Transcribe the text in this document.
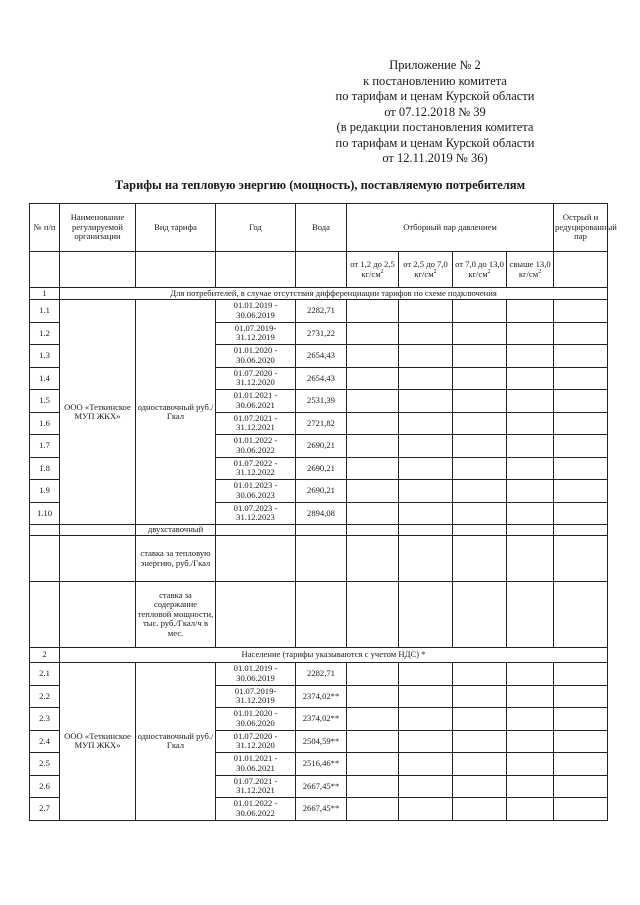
Приложение № 2
к постановлению комитета
по тарифам и ценам Курской области
от 07.12.2018 № 39
(в редакции постановления комитета
по тарифам и ценам Курской области
от 12.11.2019 № 36)
Тарифы на тепловую энергию (мощность), поставляемую потребителям
№ п/п	Наименование регулируемой организации	Вид тарифа	Год	Вода	Отборный пар давлением				Острый и редуцированный пар
					от 1,2 до 2,5 $кг/см^2$	от 2,5 до 7,0 $кг/см^2$	от 7,0 до 13,0 $кг/см^2$	свыше 13,0 $кг/см^2$	
1	Для потребителей, в случае отсутствия дифференциации тарифов по схеме подключения								
1.1	ООО «Теткинское МУП ЖКХ»	одноставочный руб./Гкал	01.01.2019 - 30.06.2019	2282,71					
1.2			01.07.2019- 31.12.2019	2731,22					
1.3			01.01.2020 - 30.06.2020	2654,43					
1.4			01.07.2020 - 31.12.2020	2654,43					
1.5			01.01.2021 - 30.06.2021	2531,39					
1.6			01.07.2021 - 31.12.2021	2721,82					
1.7			01.01.2022 - 30.06.2022	2690,21					
1.8			01.07.2022 - 31.12.2022	2690,21					
1.9			01.01.2023 - 30.06.2023	2690,21					
1.10			01.07.2023 - 31.12.2023	2894,08					
		двухставочный							
		ставка за тепловую энергию, руб./Гкал							
		ставка за содержание тепловой мощности, тыс. руб./Гкал/ч в мес.							
2	Население (тарифы указываются с учетом НДС) *								
2.1	ООО «Теткинское МУП ЖКХ»	одноставочный руб./Гкал	01.01.2019 - 30.06.2019	2282,71					
2.2			01.07.2019- 31.12.2019	2374,02**					
2.3			01.01.2020 - 30.06.2020	2374,02**					
2.4			01.07.2020 - 31.12.2020	2504,59**					
2.5			01.01.2021 - 30.06.2021	2516,46**					
2.6			01.07.2021 - 31.12.2021	2667,45**					
2.7			01.01.2022 - 30.06.2022	2667,45**					
